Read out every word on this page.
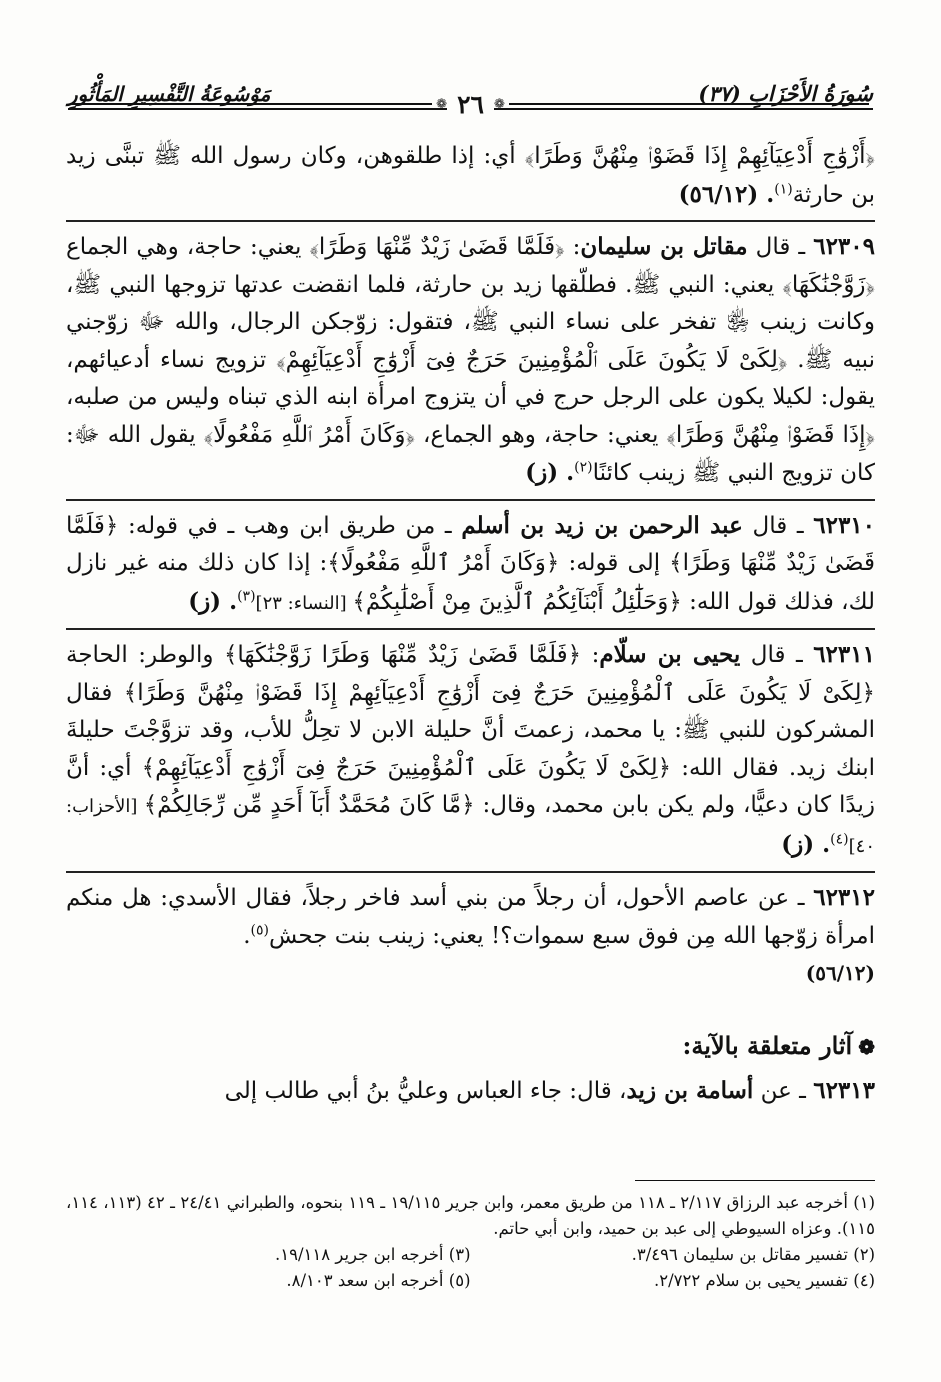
سُورَةُ الأَحْزَابِ (٣٧)
مَوْسُوعَةُ التَّفْسِيرِ المَأْثُورِ	❁ ٢٦ ❁

﴿أَزْوَٰجِ أَدْعِيَآئِهِمْ إِذَا قَضَوْا۟ مِنْهُنَّ وَطَرًا﴾ أي: إذا طلقوهن، وكان رسول الله ﷺ تبنَّى زيد بن حارثة$^{(١)}$. (٥٦/١٢)

٦٢٣٠٩ ـ قال مقاتل بن سليمان: ﴿فَلَمَّا قَضَىٰ زَيْدٌ مِّنْهَا وَطَرًا﴾ يعني: حاجة، وهي الجماع ﴿زَوَّجْنَٰكَهَا﴾ يعني: النبي ﷺ. فطلّقها زيد بن حارثة، فلما انقضت عدتها تزوجها النبي ﷺ، وكانت زينب ﵂ تفخر على نساء النبي ﷺ، فتقول: زوّجكن الرجال، والله ﷻ زوّجني نبيه ﷺ. ﴿لِكَىْ لَا يَكُونَ عَلَى ٱلْمُؤْمِنِينَ حَرَجٌ فِىٓ أَزْوَٰجِ أَدْعِيَآئِهِمْ﴾ تزويج نساء أدعيائهم، يقول: لكيلا يكون على الرجل حرج في أن يتزوج امرأة ابنه الذي تبناه وليس من صلبه، ﴿إِذَا قَضَوْا۟ مِنْهُنَّ وَطَرًا﴾ يعني: حاجة، وهو الجماع، ﴿وَكَانَ أَمْرُ ٱللَّهِ مَفْعُولًا﴾ يقول الله ﷻ: كان تزويج النبي ﷺ زينب كائنًا$^{(٢)}$. (ز)

٦٢٣١٠ ـ قال عبد الرحمن بن زيد بن أسلم ـ من طريق ابن وهب ـ في قوله: ﴿فَلَمَّا قَضَىٰ زَيْدٌ مِّنْهَا وَطَرًا﴾ إلى قوله: ﴿وَكَانَ أَمْرُ ٱللَّهِ مَفْعُولًا﴾: إذا كان ذلك منه غير نازل لك، فذلك قول الله: ﴿وَحَلَٰٓئِلُ أَبْنَآئِكُمُ ٱلَّذِينَ مِنْ أَصْلَٰبِكُمْ﴾ [النساء: ٢٣]$^{(٣)}$. (ز)

٦٢٣١١ ـ قال يحيى بن سلّام: ﴿فَلَمَّا قَضَىٰ زَيْدٌ مِّنْهَا وَطَرًا زَوَّجْنَٰكَهَا﴾ والوطر: الحاجة ﴿لِكَىْ لَا يَكُونَ عَلَى ٱلْمُؤْمِنِينَ حَرَجٌ فِىٓ أَزْوَٰجِ أَدْعِيَآئِهِمْ إِذَا قَضَوْا۟ مِنْهُنَّ وَطَرًا﴾ فقال المشركون للنبي ﷺ: يا محمد، زعمتَ أنَّ حليلة الابن لا تحِلُّ للأب، وقد تزوَّجْتَ حليلةَ ابنك زيد. فقال الله: ﴿لِكَىْ لَا يَكُونَ عَلَى ٱلْمُؤْمِنِينَ حَرَجٌ فِىٓ أَزْوَٰجِ أَدْعِيَآئِهِمْ﴾ أي: أنَّ زيدًا كان دعيًّا، ولم يكن بابن محمد، وقال: ﴿مَّا كَانَ مُحَمَّدٌ أَبَآ أَحَدٍ مِّن رِّجَالِكُمْ﴾ [الأحزاب: ٤٠]$^{(٤)}$. (ز)

٦٢٣١٢ ـ عن عاصم الأحول، أن رجلاً من بني أسد فاخر رجلاً، فقال الأسدي: هل منكم امرأة زوّجها الله مِن فوق سبع سموات؟! يعني: زينب بنت جحش$^{(٥)}$.
(٥٦/١٢)

❁آثار متعلقة بالآية:

٦٢٣١٣ ـ عن أسامة بن زيد، قال: جاء العباس وعليُّ بنُ أبي طالب إلى

(١) أخرجه عبد الرزاق ٢/١١٧ ـ ١١٨ من طريق معمر، وابن جرير ١٩/١١٥ ـ ١١٩ بنحوه، والطبراني ٢٤/٤١ ـ ٤٢ (١١٣، ١١٤، ١١٥). وعزاه السيوطي إلى عبد بن حميد، وابن أبي حاتم.
(٢) تفسير مقاتل بن سليمان ٣/٤٩٦.
(٣) أخرجه ابن جرير ١٩/١١٨.
(٤) تفسير يحيى بن سلام ٢/٧٢٢.
(٥) أخرجه ابن سعد ٨/١٠٣.
